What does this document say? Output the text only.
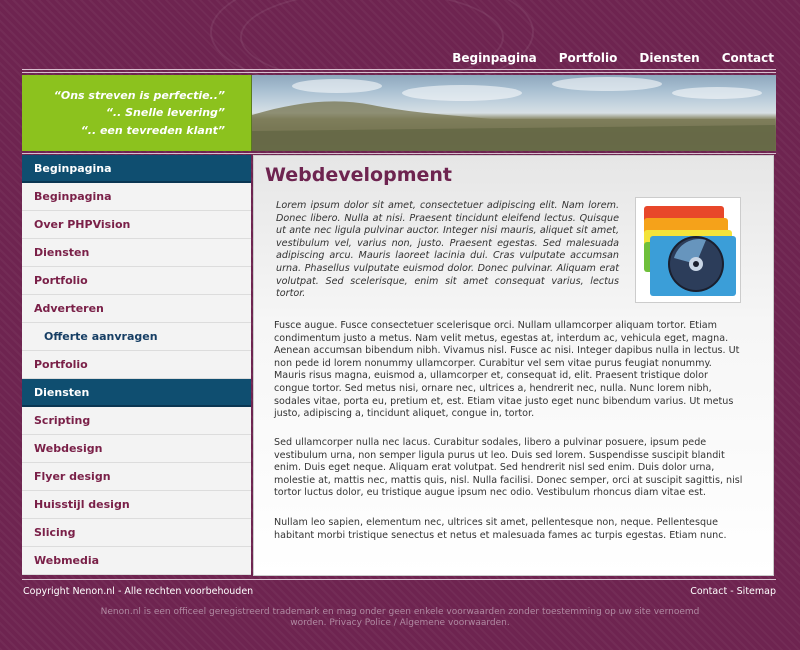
Beginpagina Portfolio Diensten Contact
“Ons streven is perfectie..”
“.. Snelle levering”
“.. een tevreden klant”
Beginpagina
Beginpagina
Over PHPVision
Diensten
Portfolio
Adverteren
Offerte aanvragen
Portfolio
Diensten
Scripting
Webdesign
Flyer design
Huisstijl design
Slicing
Webmedia
Webdevelopment
Lorem ipsum dolor sit amet, consectetuer adipiscing elit. Nam lorem. Donec libero. Nulla at nisi. Praesent tincidunt eleifend lectus. Quisque ut ante nec ligula pulvinar auctor. Integer nisi mauris, aliquet sit amet, vestibulum vel, varius non, justo. Praesent egestas. Sed malesuada adipiscing arcu. Mauris laoreet lacinia dui. Cras vulputate accumsan urna. Phasellus vulputate euismod dolor. Donec pulvinar. Aliquam erat volutpat. Sed scelerisque, enim sit amet consequat varius, lectus tortor.
Fusce augue. Fusce consectetuer scelerisque orci. Nullam ullamcorper aliquam tortor. Etiam condimentum justo a metus. Nam velit metus, egestas at, interdum ac, vehicula eget, magna. Aenean accumsan bibendum nibh. Vivamus nisl. Fusce ac nisi. Integer dapibus nulla in lectus. Ut non pede id lorem nonummy ullamcorper. Curabitur vel sem vitae purus feugiat nonummy. Mauris risus magna, euismod a, ullamcorper et, consequat id, elit. Praesent tristique dolor congue tortor. Sed metus nisi, ornare nec, ultrices a, hendrerit nec, nulla. Nunc lorem nibh, sodales vitae, porta eu, pretium et, est. Etiam vitae justo eget nunc bibendum varius. Ut metus justo, adipiscing a, tincidunt aliquet, congue in, tortor.
Sed ullamcorper nulla nec lacus. Curabitur sodales, libero a pulvinar posuere, ipsum pede vestibulum urna, non semper ligula purus ut leo. Duis sed lorem. Suspendisse suscipit blandit enim. Duis eget neque. Aliquam erat volutpat. Sed hendrerit nisl sed enim. Duis dolor urna, molestie at, mattis nec, mattis quis, nisl. Nulla facilisi. Donec semper, orci at suscipit sagittis, nisl tortor luctus dolor, eu tristique augue ipsum nec odio. Vestibulum rhoncus diam vitae est.
Nullam leo sapien, elementum nec, ultrices sit amet, pellentesque non, neque. Pellentesque habitant morbi tristique senectus et netus et malesuada fames ac turpis egestas. Etiam nunc.
Copyright Nenon.nl - Alle rechten voorbehouden	Contact - Sitemap
Nenon.nl is een officeel geregistreerd trademark en mag onder geen enkele voorwaarden zonder toestemming op uw site vernoemd worden. Privacy Police / Algemene voorwaarden.
